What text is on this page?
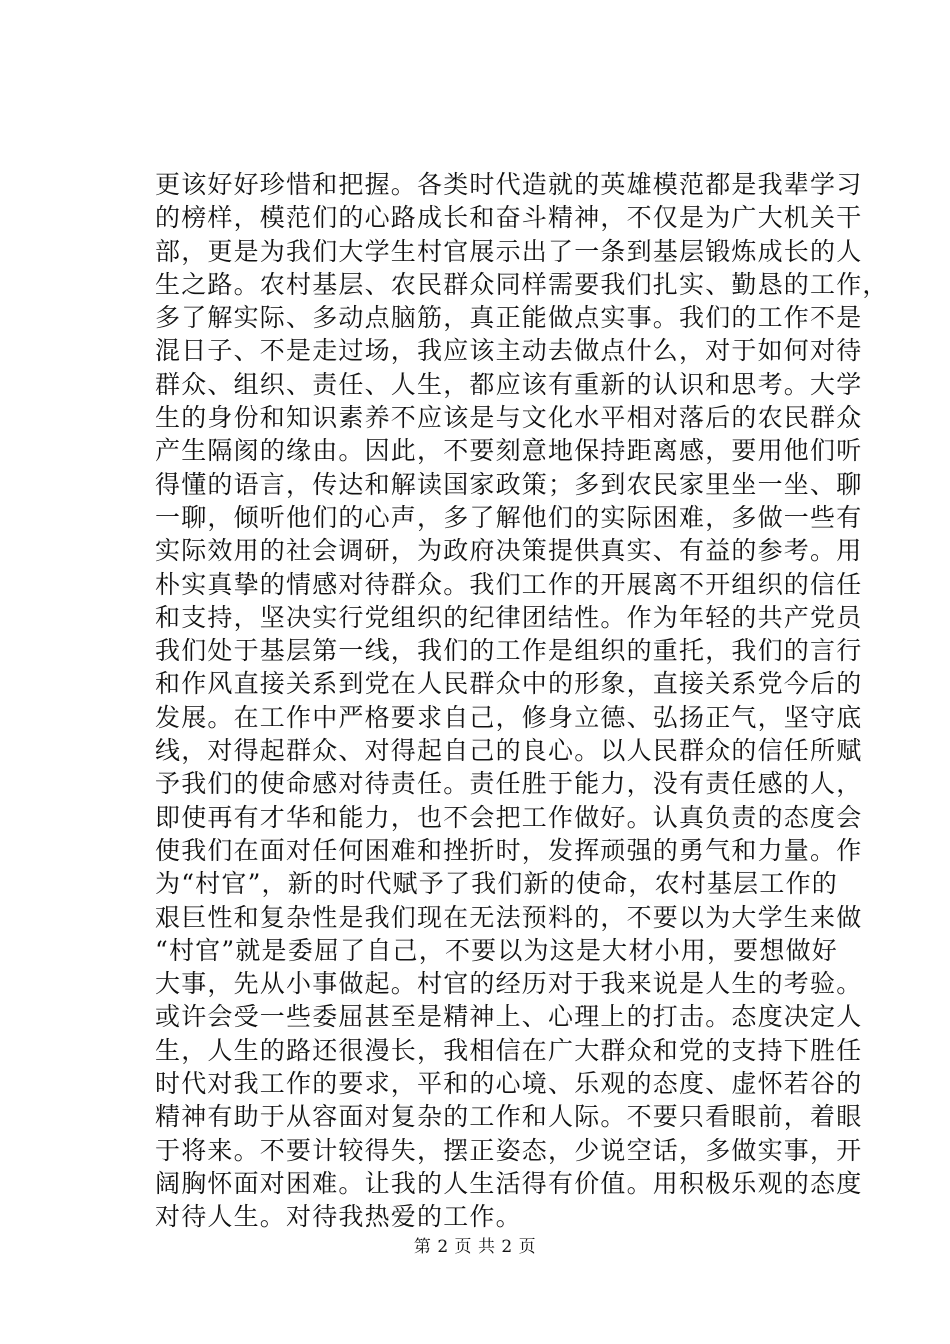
更该好好珍惜和把握。各类时代造就的英雄模范都是我辈学习
的榜样，模范们的心路成长和奋斗精神，不仅是为广大机关干
部，更是为我们大学生村官展示出了一条到基层锻炼成长的人
生之路。农村基层、农民群众同样需要我们扎实、勤恳的工作，
多了解实际、多动点脑筋，真正能做点实事。我们的工作不是
混日子、不是走过场，我应该主动去做点什么，对于如何对待
群众、组织、责任、人生，都应该有重新的认识和思考。大学
生的身份和知识素养不应该是与文化水平相对落后的农民群众
产生隔阂的缘由。因此，不要刻意地保持距离感，要用他们听
得懂的语言，传达和解读国家政策；多到农民家里坐一坐、聊
一聊，倾听他们的心声，多了解他们的实际困难，多做一些有
实际效用的社会调研，为政府决策提供真实、有益的参考。用
朴实真挚的情感对待群众。我们工作的开展离不开组织的信任
和支持，坚决实行党组织的纪律团结性。作为年轻的共产党员
我们处于基层第一线，我们的工作是组织的重托，我们的言行
和作风直接关系到党在人民群众中的形象，直接关系党今后的
发展。在工作中严格要求自己，修身立德、弘扬正气，坚守底
线，对得起群众、对得起自己的良心。以人民群众的信任所赋
予我们的使命感对待责任。责任胜于能力，没有责任感的人，
即使再有才华和能力，也不会把工作做好。认真负责的态度会
使我们在面对任何困难和挫折时，发挥顽强的勇气和力量。作
为“村官”，新的时代赋予了我们新的使命，农村基层工作的
艰巨性和复杂性是我们现在无法预料的，不要以为大学生来做
“村官”就是委屈了自己，不要以为这是大材小用，要想做好
大事，先从小事做起。村官的经历对于我来说是人生的考验。
或许会受一些委屈甚至是精神上、心理上的打击。态度决定人
生，人生的路还很漫长，我相信在广大群众和党的支持下胜任
时代对我工作的要求，平和的心境、乐观的态度、虚怀若谷的
精神有助于从容面对复杂的工作和人际。不要只看眼前，着眼
于将来。不要计较得失，摆正姿态，少说空话，多做实事，开
阔胸怀面对困难。让我的人生活得有价值。用积极乐观的态度
对待人生。对待我热爱的工作。
第 2 页 共 2 页
